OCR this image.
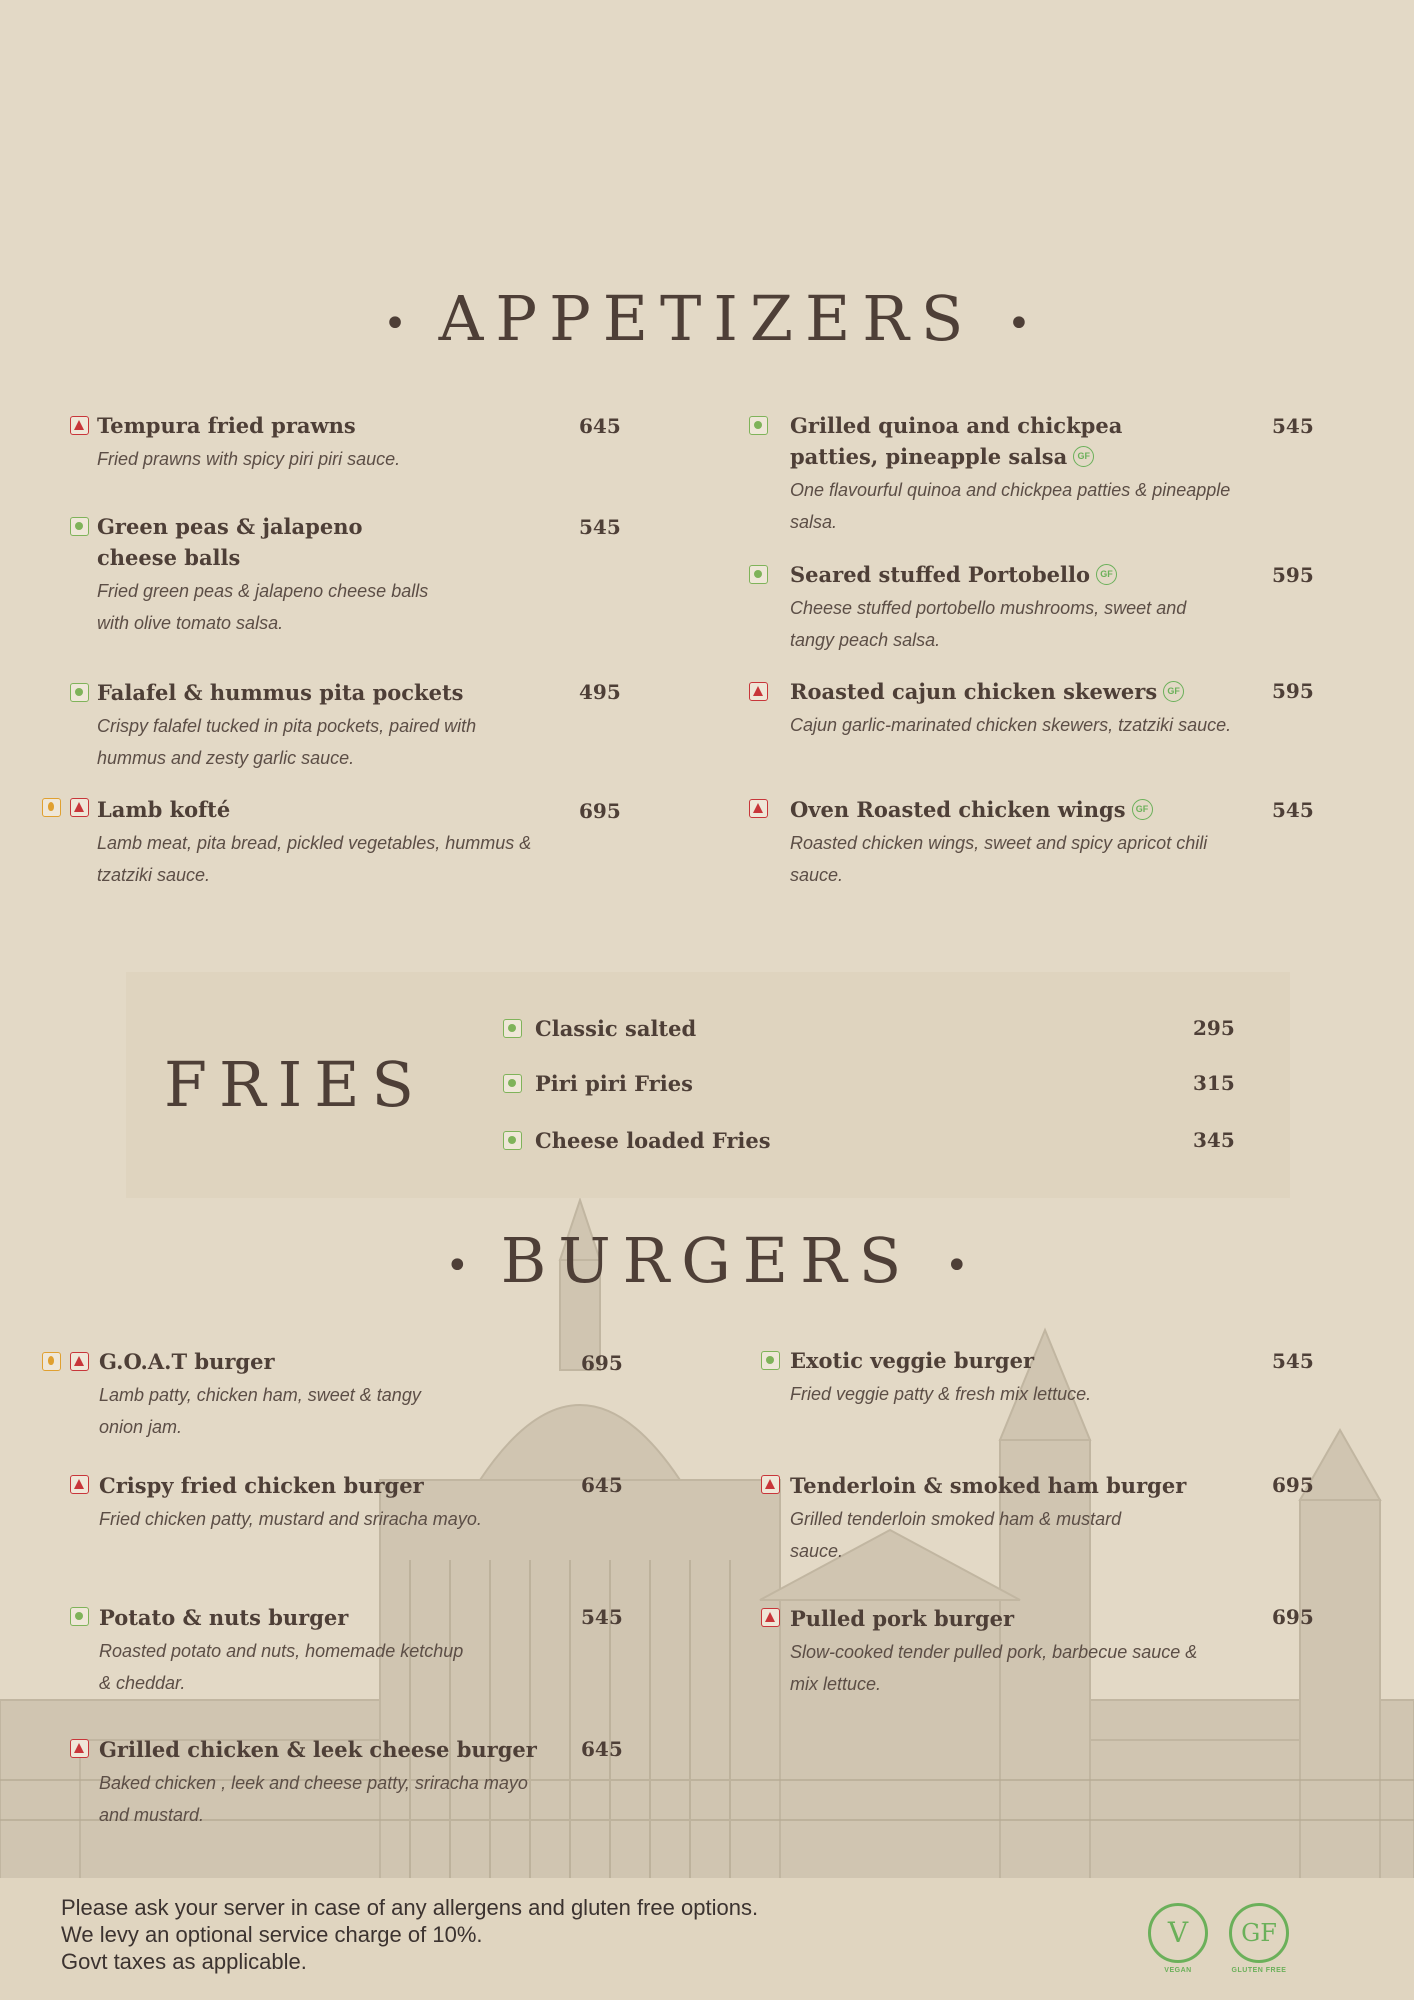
• APPETIZERS •
Tempura fried prawns
Fried prawns with spicy piri piri sauce.
645
Green peas & jalapeno cheese balls
Fried green peas & jalapeno cheese balls with olive tomato salsa.
545
Falafel & hummus pita pockets
Crispy falafel tucked in pita pockets, paired with hummus and zesty garlic sauce.
495
Lamb kofté
Lamb meat, pita bread, pickled vegetables, hummus & tzatziki sauce.
695
Grilled quinoa and chickpea patties, pineapple salsa GF
One flavourful quinoa and chickpea patties & pineapple salsa.
545
Seared stuffed Portobello GF
Cheese stuffed portobello mushrooms, sweet and tangy peach salsa.
595
Roasted cajun chicken skewers GF
Cajun garlic-marinated chicken skewers, tzatziki sauce.
595
Oven Roasted chicken wings GF
Roasted chicken wings, sweet and spicy apricot chili sauce.
545
FRIES
Classic salted	295
Piri piri Fries	315
Cheese loaded Fries	345
• BURGERS •
G.O.A.T burger
Lamb patty, chicken ham, sweet & tangy onion jam.
695
Crispy fried chicken burger
Fried chicken patty, mustard and sriracha mayo.
645
Potato & nuts burger
Roasted potato and nuts, homemade ketchup & cheddar.
545
Grilled chicken & leek cheese burger
Baked chicken , leek and cheese patty, sriracha mayo and mustard.
645
Exotic veggie burger
Fried veggie patty & fresh mix lettuce.
545
Tenderloin & smoked ham burger
Grilled tenderloin smoked ham & mustard sauce.
695
Pulled pork burger
Slow-cooked tender pulled pork, barbecue sauce & mix lettuce.
695
Please ask your server in case of any allergens and gluten free options.
We levy an optional service charge of 10%.
Govt taxes as applicable.
V
VEGAN
GF
GLUTEN FREE
